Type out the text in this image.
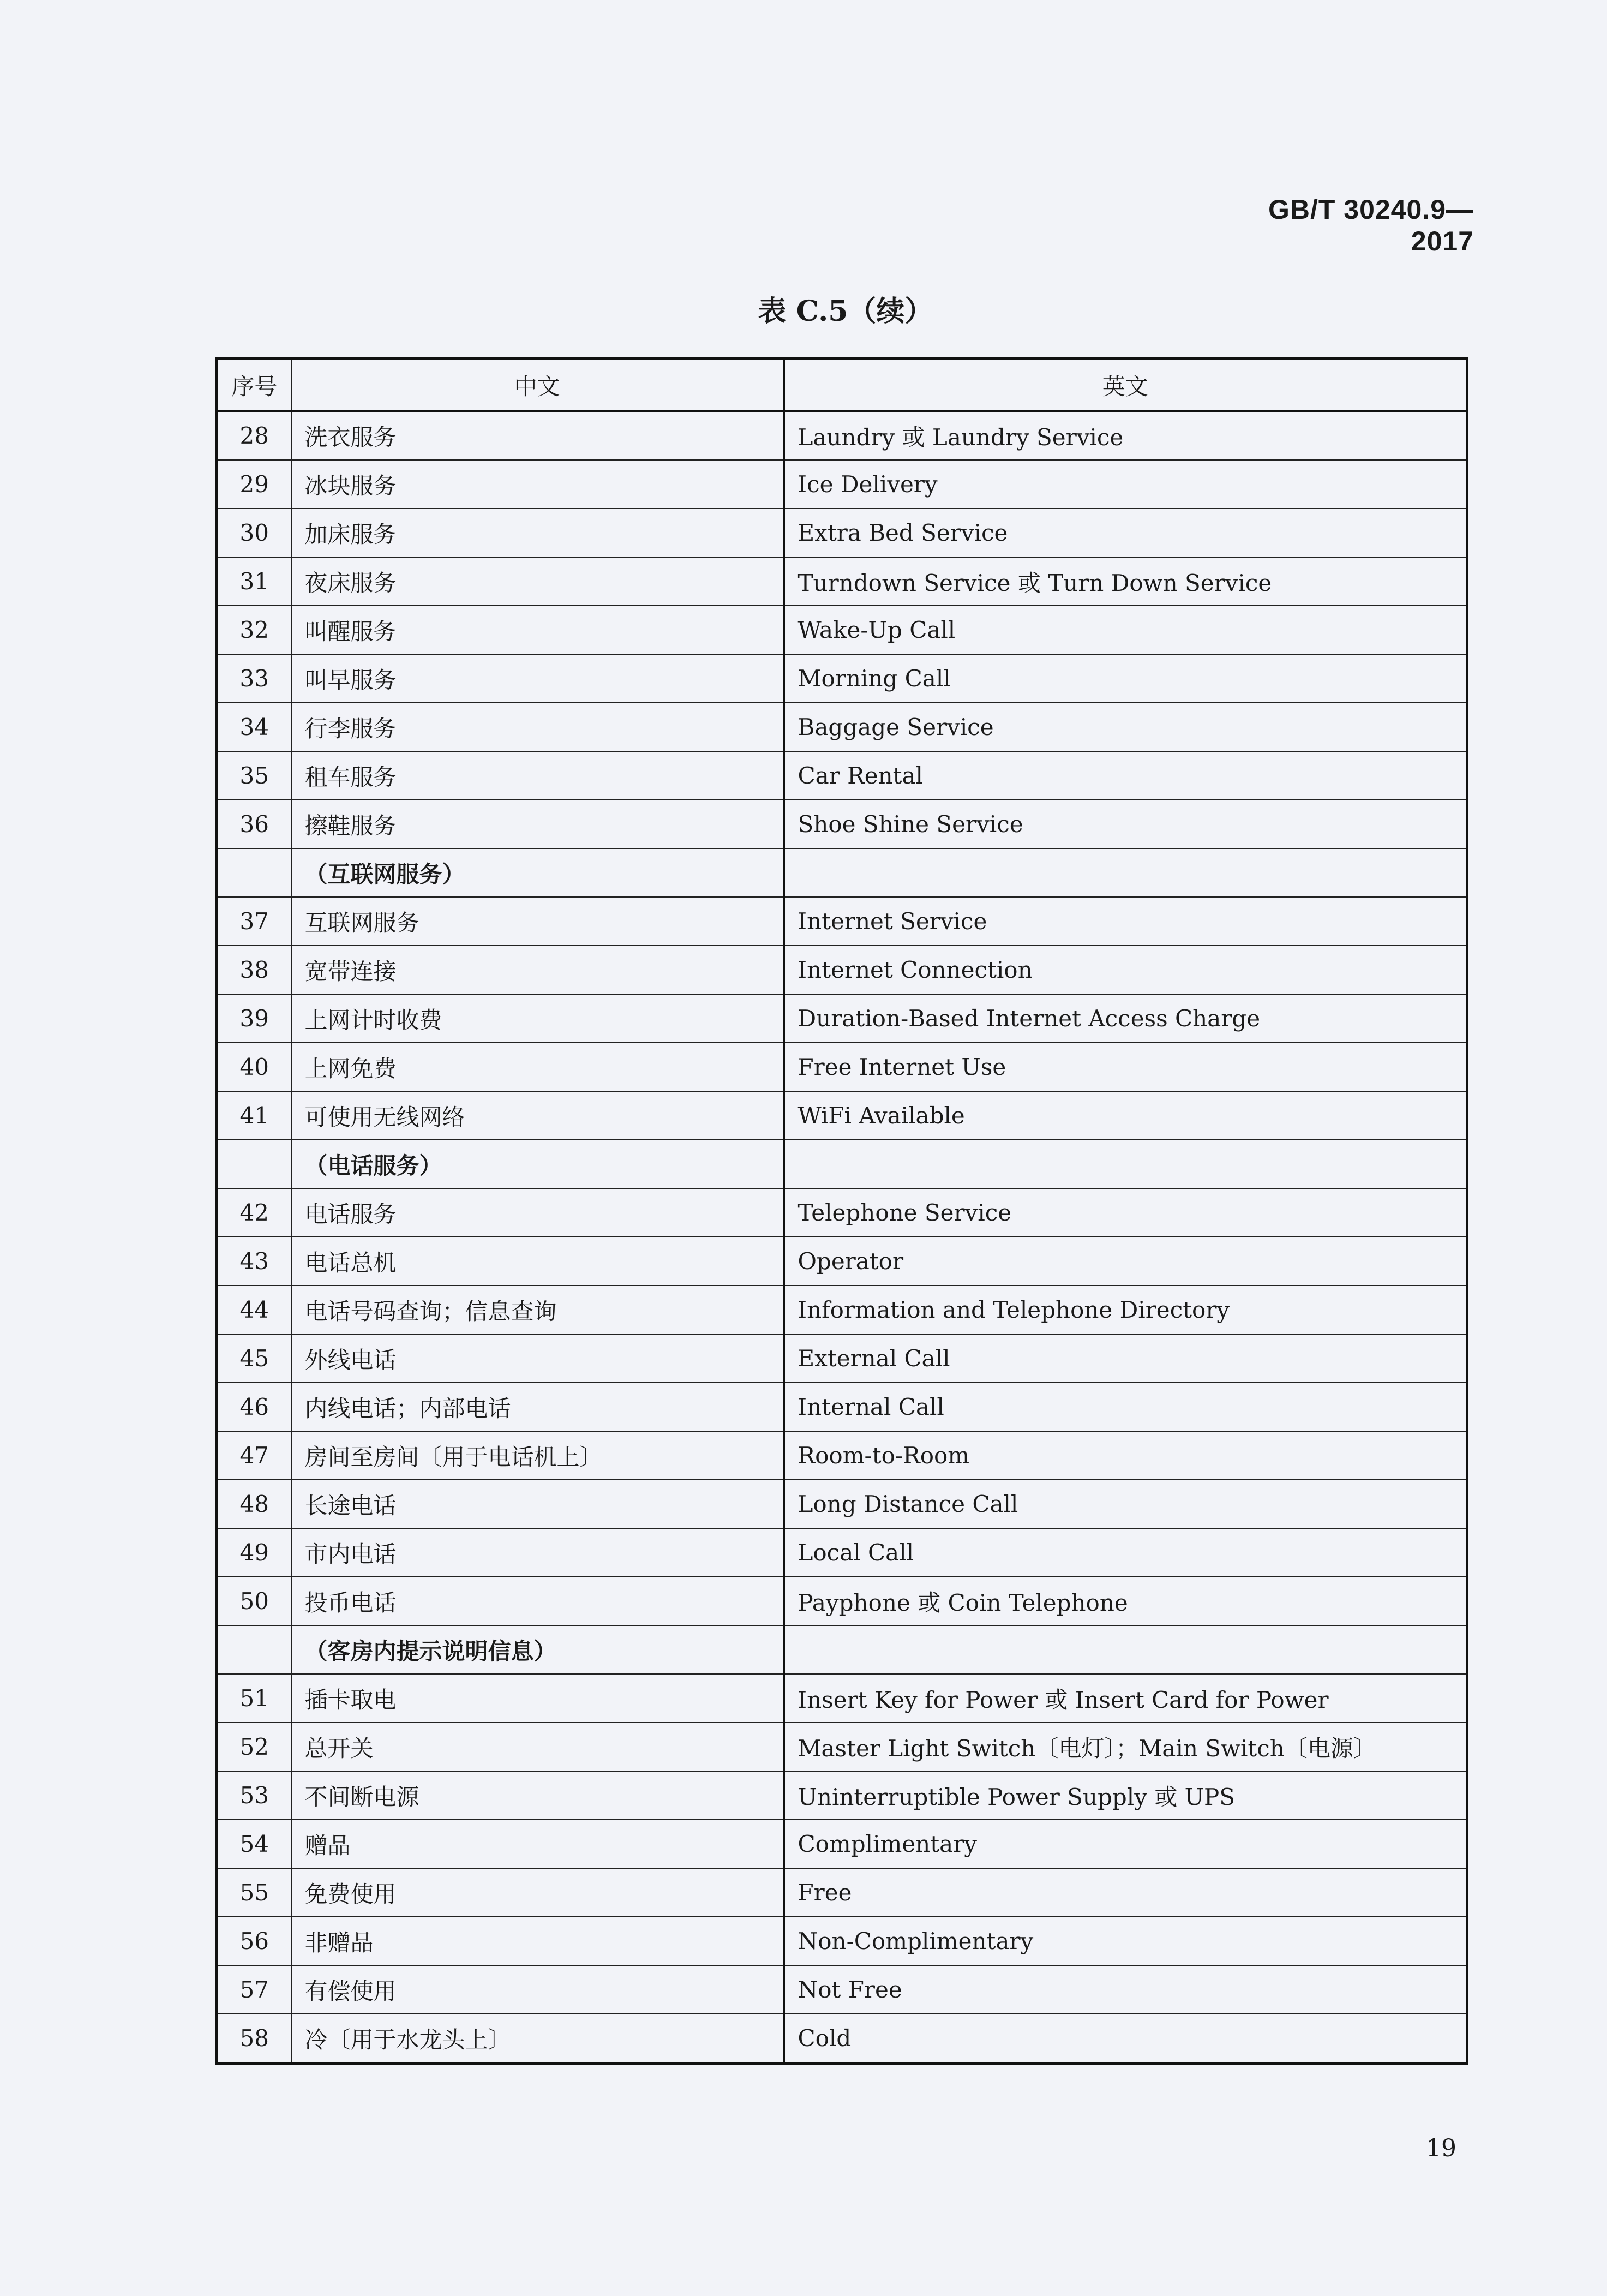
GB/T 30240.9—2017
表 C.5（续）
序号	中文	英文
28	洗衣服务	Laundry 或 Laundry Service
29	冰块服务	Ice Delivery
30	加床服务	Extra Bed Service
31	夜床服务	Turndown Service 或 Turn Down Service
32	叫醒服务	Wake-Up Call
33	叫早服务	Morning Call
34	行李服务	Baggage Service
35	租车服务	Car Rental
36	擦鞋服务	Shoe Shine Service
	（互联网服务）	
37	互联网服务	Internet Service
38	宽带连接	Internet Connection
39	上网计时收费	Duration-Based Internet Access Charge
40	上网免费	Free Internet Use
41	可使用无线网络	WiFi Available
	（电话服务）	
42	电话服务	Telephone Service
43	电话总机	Operator
44	电话号码查询；信息查询	Information and Telephone Directory
45	外线电话	External Call
46	内线电话；内部电话	Internal Call
47	房间至房间〔用于电话机上〕	Room-to-Room
48	长途电话	Long Distance Call
49	市内电话	Local Call
50	投币电话	Payphone 或 Coin Telephone
	（客房内提示说明信息）	
51	插卡取电	Insert Key for Power 或 Insert Card for Power
52	总开关	Master Light Switch〔电灯〕；Main Switch〔电源〕
53	不间断电源	Uninterruptible Power Supply 或 UPS
54	赠品	Complimentary
55	免费使用	Free
56	非赠品	Non-Complimentary
57	有偿使用	Not Free
58	冷〔用于水龙头上〕	Cold
19
